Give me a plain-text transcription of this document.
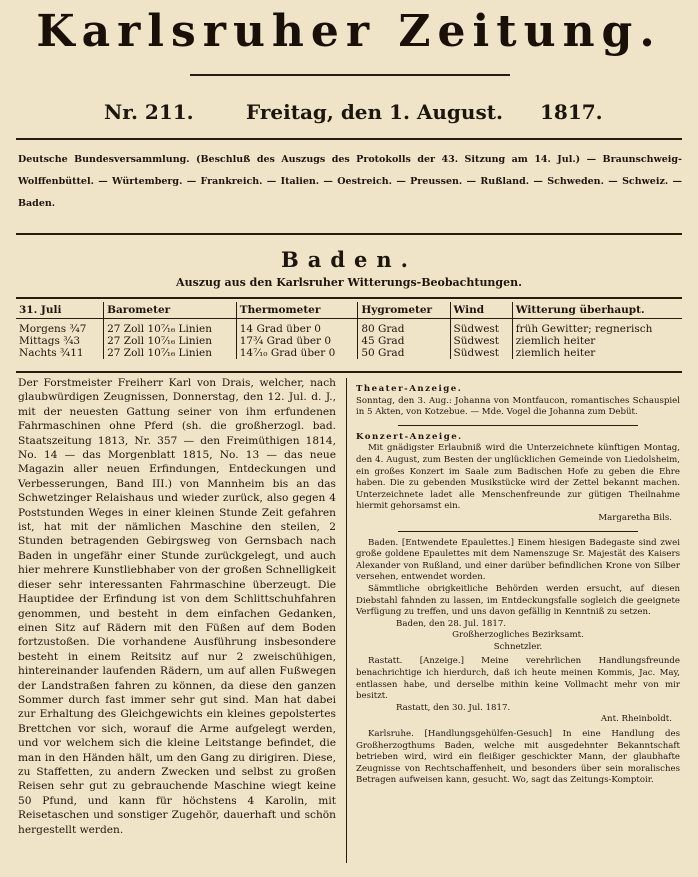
Karlsruher Zeitung.
Nr. 211.	Freitag, den 1. August. 1817.
Deutsche Bundesversammlung. (Beschluß des Auszugs des Protokolls der 43. Sitzung am 14. Jul.) — Braunschweig-Wolffenbüttel. — Würtemberg. — Frankreich. — Italien. — Oestreich. — Preussen. — Rußland. — Schweden. — Schweiz. — Baden.
Baden.
Auszug aus den Karlsruher Witterungs-Beobachtungen.
31. Juli	Barometer	Thermometer	Hygrometer	Wind	Witterung überhaupt.
Morgens ¾7	27 Zoll 10⁷⁄₁₆ Linien	14 Grad über 0	80 Grad	Südwest	früh Gewitter; regnerisch
Mittags ¾3	27 Zoll 10⁷⁄₁₆ Linien	17¾ Grad über 0	45 Grad	Südwest	ziemlich heiter
Nachts ¾11	27 Zoll 10⁷⁄₁₆ Linien	14⁷⁄₁₀ Grad über 0	50 Grad	Südwest	ziemlich heiter
Der Forstmeister Freiherr Karl von Drais, welcher, nach glaubwürdigen Zeugnissen, Donnerstag, den 12. Jul. d. J., mit der neuesten Gattung seiner von ihm erfundenen Fahrmaschinen ohne Pferd (sh. die großherzogl. bad. Staatszeitung 1813, Nr. 357 — den Freimüthigen 1814, No. 14 — das Morgenblatt 1815, No. 13 — das neue Magazin aller neuen Erfindungen, Entdeckungen und Verbesserungen, Band III.) von Mannheim bis an das Schwetzinger Relaishaus und wieder zurück, also gegen 4 Poststunden Weges in einer kleinen Stunde Zeit gefahren ist, hat mit der nämlichen Maschine den steilen, 2 Stunden betragenden Gebirgsweg von Gernsbach nach Baden in ungefähr einer Stunde zurückgelegt, und auch hier mehrere Kunstliebhaber von der großen Schnelligkeit dieser sehr interessanten Fahrmaschine überzeugt. Die Hauptidee der Erfindung ist von dem Schlittschuhfahren genommen, und besteht in dem einfachen Gedanken, einen Sitz auf Rädern mit den Füßen auf dem Boden fortzustoßen. Die vorhandene Ausführung insbesondere besteht in einem Reitsitz auf nur 2 zweischühigen, hintereinander laufenden Rädern, um auf allen Fußwegen der Landstraßen fahren zu können, da diese den ganzen Sommer durch fast immer sehr gut sind. Man hat dabei zur Erhaltung des Gleichgewichts ein kleines gepolstertes Brettchen vor sich, worauf die Arme aufgelegt werden, und vor welchem sich die kleine Leitstange befindet, die man in den Händen hält, um den Gang zu dirigiren. Diese, zu Staffetten, zu andern Zwecken und selbst zu großen Reisen sehr gut zu gebrauchende Maschine wiegt keine 50 Pfund, und kann für höchstens 4 Karolin, mit Reisetaschen und sonstiger Zugehör, dauerhaft und schön hergestellt werden.

Theater-Anzeige.

Sonntag, den 3. Aug.: Johanna von Montfaucon, romantisches Schauspiel in 5 Akten, von Kotzebue. — Mde. Vogel die Johanna zum Debüt.

Konzert-Anzeige.

Mit gnädigster Erlaubniß wird die Unterzeichnete künftigen Montag, den 4. August, zum Besten der unglücklichen Gemeinde von Liedolsheim, ein großes Konzert im Saale zum Badischen Hofe zu geben die Ehre haben. Die zu gebenden Musikstücke wird der Zettel bekannt machen. Unterzeichnete ladet alle Menschenfreunde zur gütigen Theilnahme hiermit gehorsamst ein.

Margaretha Bils.

Baden. [Entwendete Epaulettes.] Einem hiesigen Badegaste sind zwei große goldene Epaulettes mit dem Namenszuge Sr. Majestät des Kaisers Alexander von Rußland, und einer darüber befindlichen Krone von Silber versehen, entwendet worden.

Sämmtliche obrigkeitliche Behörden werden ersucht, auf diesen Diebstahl fahnden zu lassen, im Entdeckungsfalle sogleich die geeignete Verfügung zu treffen, und uns davon gefällig in Kenntniß zu setzen.

Baden, den 28. Jul. 1817.

Großherzogliches Bezirksamt.

Schnetzler.

Rastatt. [Anzeige.] Meine verehrlichen Handlungsfreunde benachrichtige ich hierdurch, daß ich heute meinen Kommis, Jac. May, entlassen habe, und derselbe mithin keine Vollmacht mehr von mir besitzt.

Rastatt, den 30. Jul. 1817.

Ant. Rheinboldt.

Karlsruhe. [Handlungsgehülfen-Gesuch] In eine Handlung des Großherzogthums Baden, welche mit ausgedehnter Bekanntschaft betrieben wird, wird ein fleißiger geschickter Mann, der glaubhafte Zeugnisse von Rechtschaffenheit, und besonders über sein moralisches Betragen aufweisen kann, gesucht. Wo, sagt das Zeitungs-Komptoir.
